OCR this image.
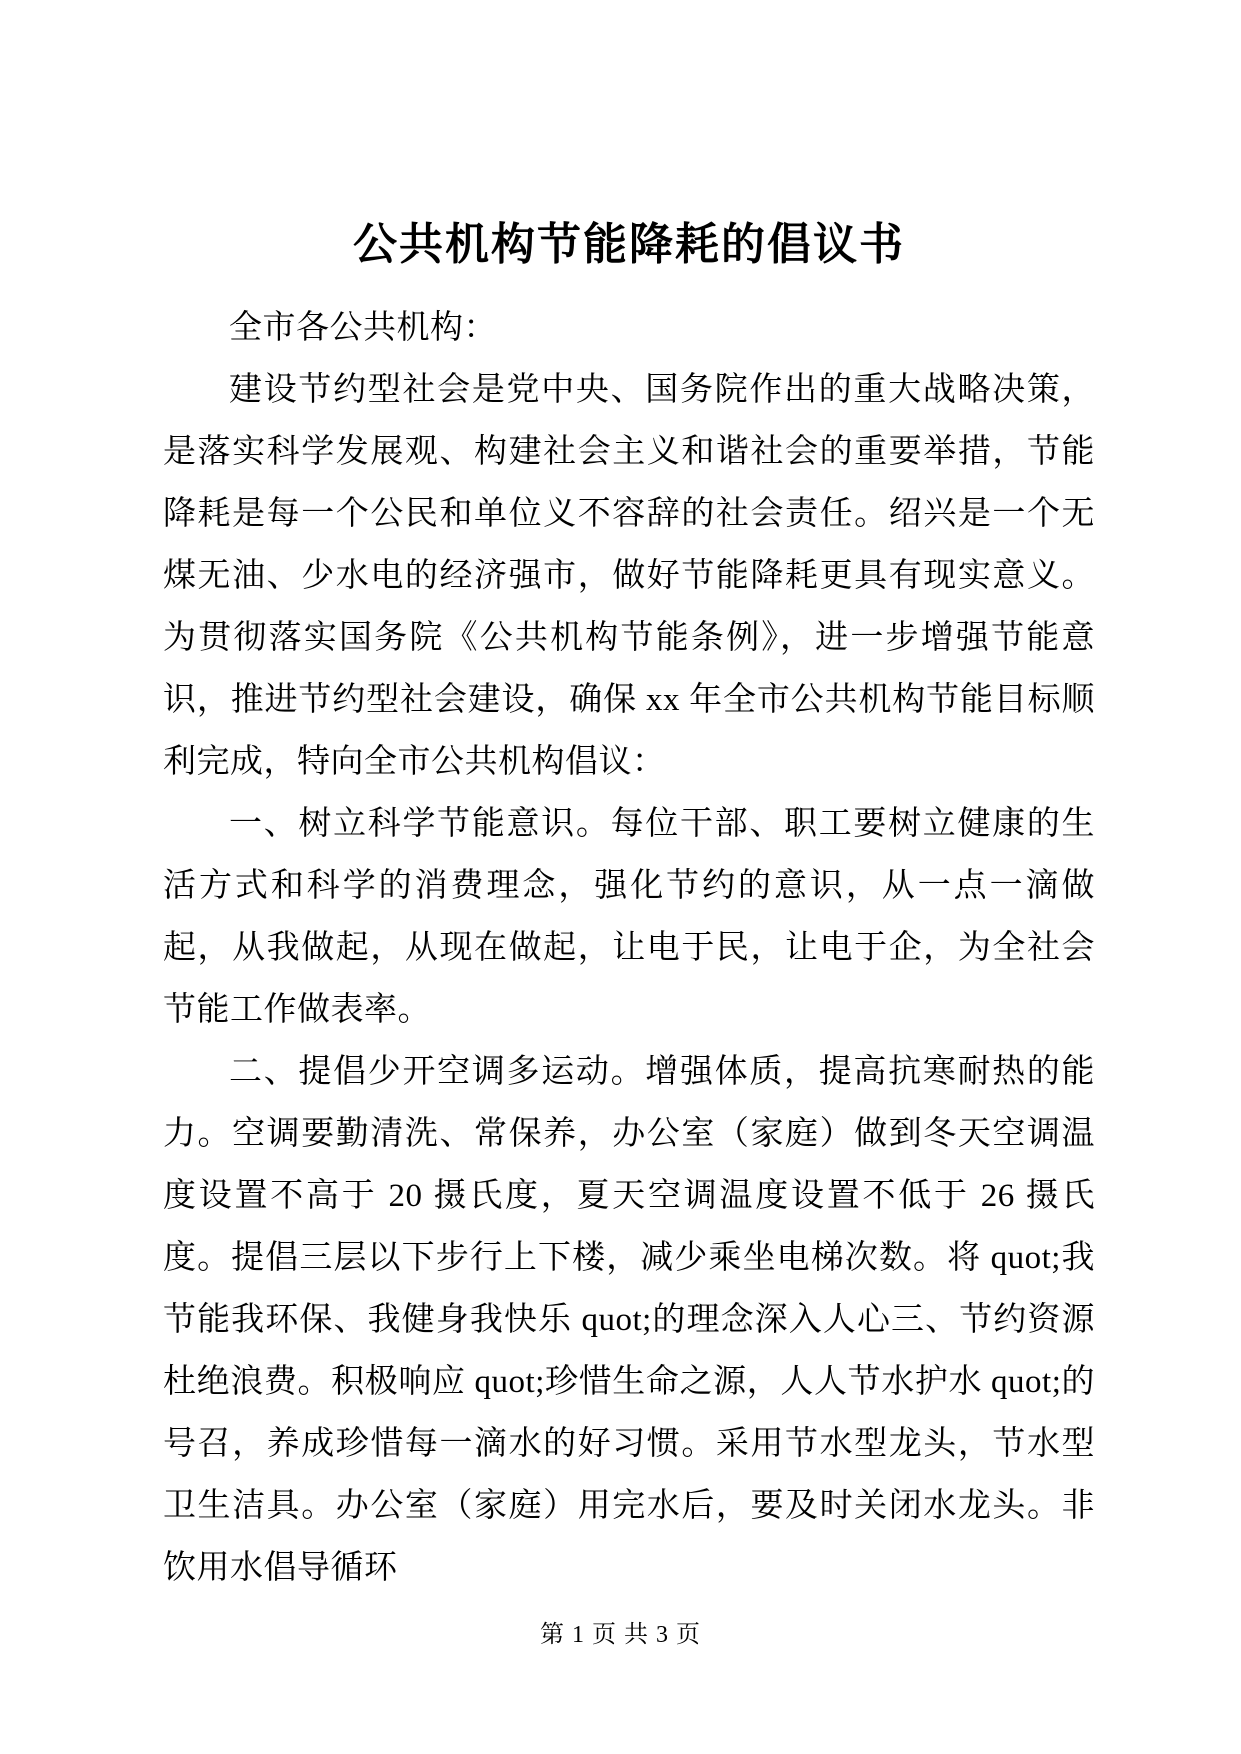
公共机构节能降耗的倡议书

全市各公共机构：

建设节约型社会是党中央、国务院作出的重大战略决策，是落实科学发展观、构建社会主义和谐社会的重要举措，节能降耗是每一个公民和单位义不容辞的社会责任。绍兴是一个无煤无油、少水电的经济强市，做好节能降耗更具有现实意义。为贯彻落实国务院《公共机构节能条例》，进一步增强节能意识，推进节约型社会建设，确保 xx 年全市公共机构节能目标顺利完成，特向全市公共机构倡议：

一、树立科学节能意识。每位干部、职工要树立健康的生活方式和科学的消费理念，强化节约的意识，从一点一滴做起，从我做起，从现在做起，让电于民，让电于企，为全社会节能工作做表率。

二、提倡少开空调多运动。增强体质，提高抗寒耐热的能力。空调要勤清洗、常保养，办公室（家庭）做到冬天空调温度设置不高于 20 摄氏度，夏天空调温度设置不低于 26 摄氏度。提倡三层以下步行上下楼，减少乘坐电梯次数。将 quot;我节能我环保、我健身我快乐 quot;的理念深入人心三、节约资源杜绝浪费。积极响应 quot;珍惜生命之源，人人节水护水 quot;的号召，养成珍惜每一滴水的好习惯。采用节水型龙头，节水型卫生洁具。办公室（家庭）用完水后，要及时关闭水龙头。非饮用水倡导循环

第 1 页 共 3 页
